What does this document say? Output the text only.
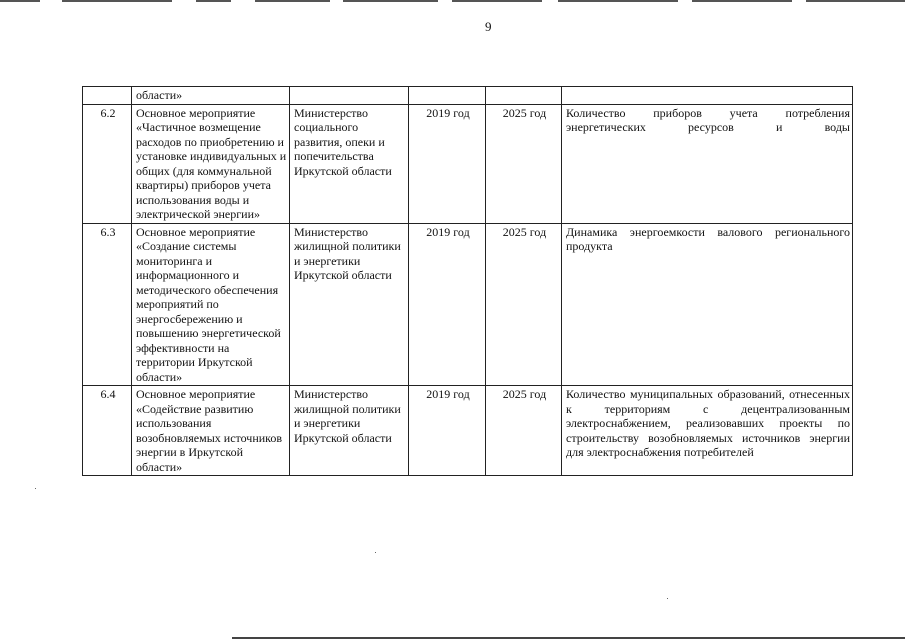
9
	области»				
6.2	Основное мероприятие «Частичное возмещение расходов по приобретению и установке индивидуальных и общих (для коммунальной квартиры) приборов учета использования воды и электрической энергии»	Министерство социального развития, опеки и попечительства Иркутской области	2019 год	2025 год	Количество приборов учета потребления энергетических ресурсов и воды
6.3	Основное мероприятие «Создание системы мониторинга и информационного и методического обеспечения мероприятий по энергосбережению и повышению энергетической эффективности на территории Иркутской области»	Министерство жилищной политики и энергетики Иркутской области	2019 год	2025 год	Динамика энергоемкости валового регионального продукта
6.4	Основное мероприятие «Содействие развитию использования возобновляемых источников энергии в Иркутской области»	Министерство жилищной политики и энергетики Иркутской области	2019 год	2025 год	Количество муниципальных образований, отнесенных к территориям с децентрализованным электроснабжением, реализовавших проекты по строительству возобновляемых источников энергии для электроснабжения потребителей
